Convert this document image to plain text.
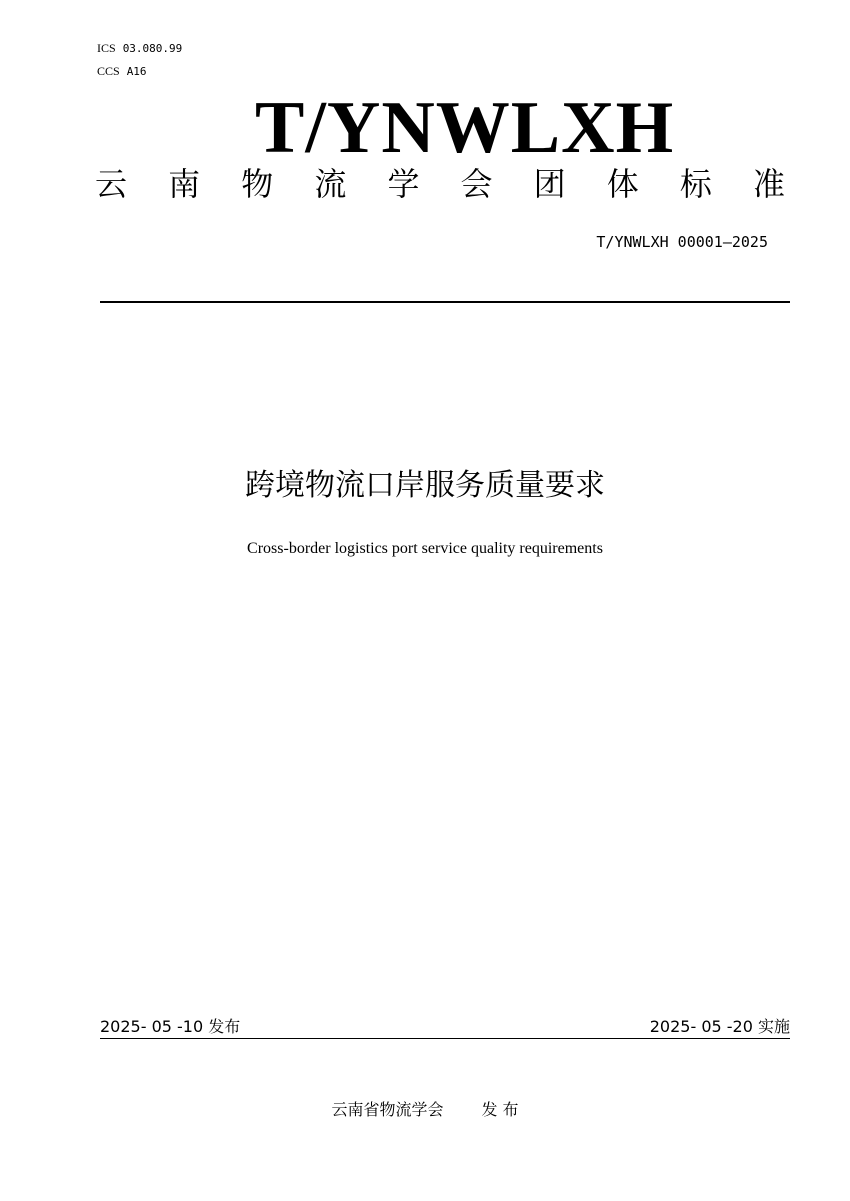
ICS 03.080.99
CCS A16
T/YNWLXH
云 南 物 流 学 会 团 体 标 准
T/YNWLXH 00001—2025
跨境物流口岸服务质量要求
Cross-border logistics port service quality requirements
2025- 05 -10 发布	2025- 05 -20 实施
云南省物流学会 发 布
